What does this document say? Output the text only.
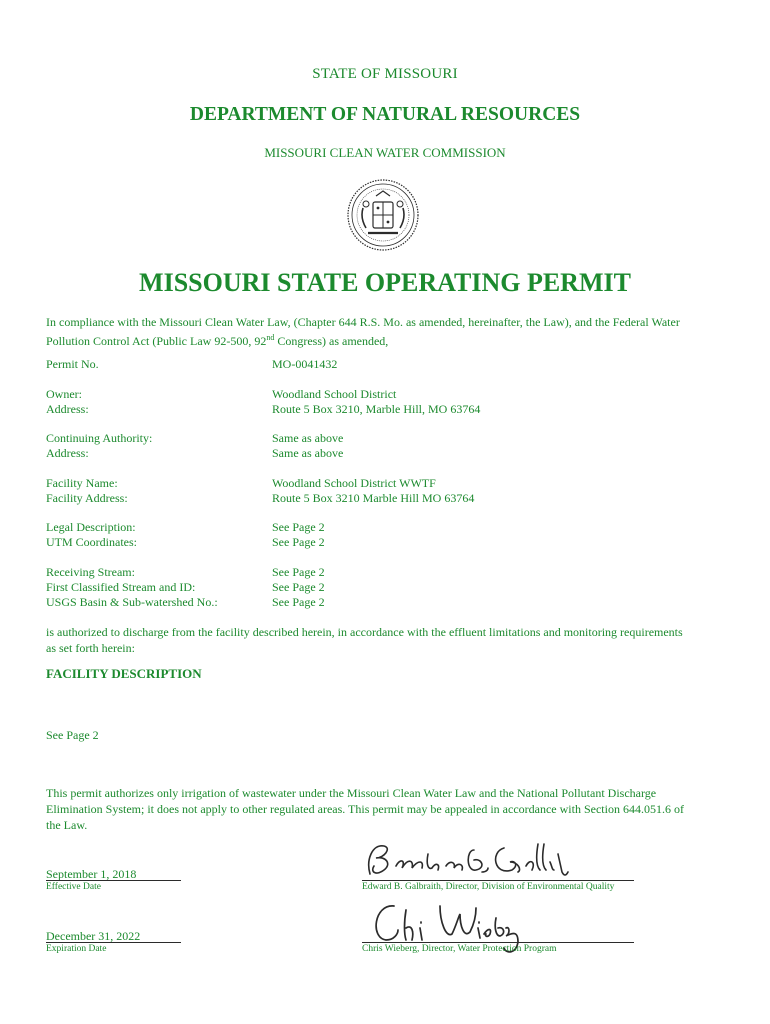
STATE OF MISSOURI
DEPARTMENT OF NATURAL RESOURCES
MISSOURI CLEAN WATER COMMISSION
MISSOURI STATE OPERATING PERMIT
In compliance with the Missouri Clean Water Law, (Chapter 644 R.S. Mo. as amended, hereinafter, the Law), and the Federal Water
Pollution Control Act (Public Law 92-500, 92nd Congress) as amended,
Permit No.	MO-0041432
Owner:	Woodland School District
Address:	Route 5 Box 3210, Marble Hill, MO 63764
Continuing Authority:	Same as above
Address:	Same as above
Facility Name:	Woodland School District WWTF
Facility Address:	Route 5 Box 3210 Marble Hill MO 63764
Legal Description:	See Page 2
UTM Coordinates:	See Page 2
Receiving Stream:	See Page 2
First Classified Stream and ID:	See Page 2
USGS Basin & Sub-watershed No.:	See Page 2
is authorized to discharge from the facility described herein, in accordance with the effluent limitations and monitoring requirements
as set forth herein:
FACILITY DESCRIPTION
See Page 2
This permit authorizes only irrigation of wastewater under the Missouri Clean Water Law and the National Pollutant Discharge
Elimination System; it does not apply to other regulated areas. This permit may be appealed in accordance with Section 644.051.6 of
the Law.
September 1, 2018
Effective Date	Edward B. Galbraith, Director, Division of Environmental Quality
December 31, 2022
Expiration Date	Chris Wieberg, Director, Water Protection Program
